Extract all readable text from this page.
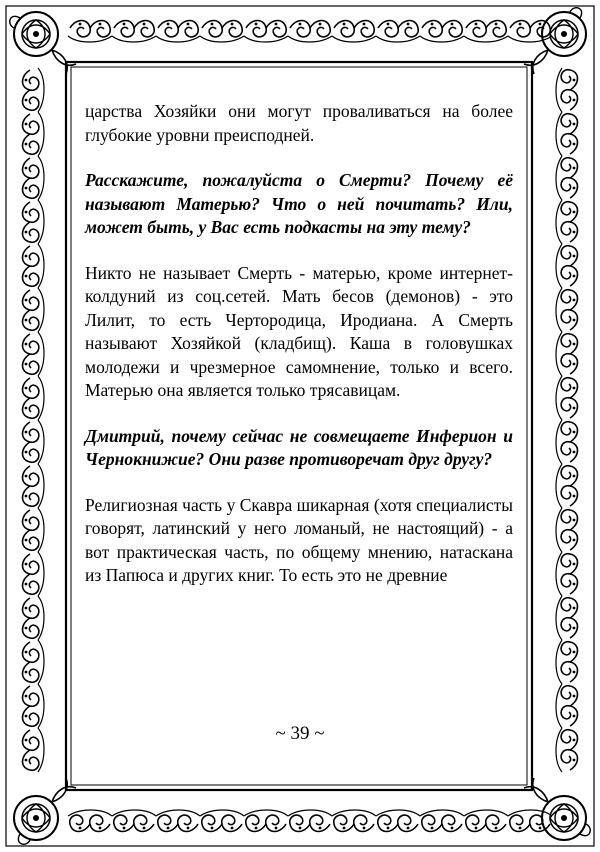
царства Хозяйки они могут проваливаться на более глубокие уровни преисподней.

Расскажите, пожалуйста о Смерти? Почему её называют Матерью? Что о ней почитать? Или, может быть, у Вас есть подкасты на эту тему?

Никто не называет Смерть - матерью, кроме интернет-колдуний из соц.сетей. Мать бесов (демонов) - это Лилит, то есть Чертородица, Иродиана. А Смерть называют Хозяйкой (кладбищ). Каша в головушках молодежи и чрезмерное самомнение, только и всего. Матерью она является только трясавицам.

Дмитрий, почему сейчас не совмещаете Инферион и Чернокнижие? Они разве противоречат друг другу?

Религиозная часть у Скавра шикарная (хотя специалисты говорят, латинский у него ломаный, не настоящий) - а вот практическая часть, по общему мнению, натаскана из Папюса и других книг. То есть это не древние

~ 39 ~
